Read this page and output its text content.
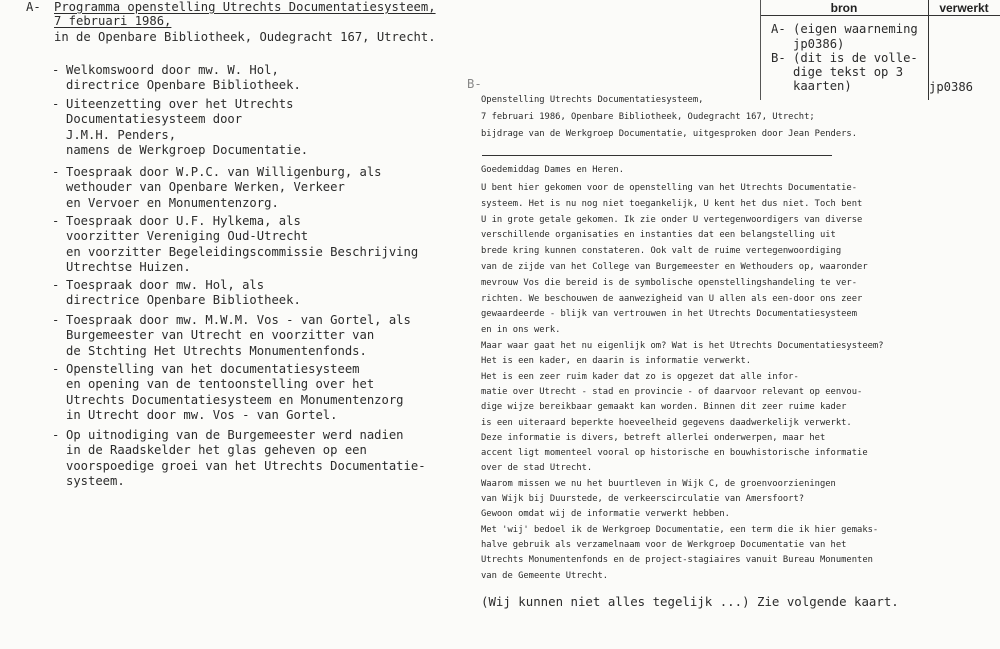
A- Programma openstelling Utrechts Documentatiesysteem,
7 februari 1986,
in de Openbare Bibliotheek, Oudegracht 167, Utrecht.
- Welkomswoord door mw. W. Hol,
directrice Openbare Bibliotheek.
- Uiteenzetting over het Utrechts
Documentatiesysteem door
J.M.H. Penders,
namens de Werkgroep Documentatie.
- Toespraak door W.P.C. van Willigenburg, als
wethouder van Openbare Werken, Verkeer
en Vervoer en Monumentenzorg.
- Toespraak door U.F. Hylkema, als
voorzitter Vereniging Oud-Utrecht
en voorzitter Begeleidingscommissie Beschrijving
Utrechtse Huizen.
- Toespraak door mw. Hol, als
directrice Openbare Bibliotheek.
- Toespraak door mw. M.W.M. Vos - van Gortel, als
Burgemeester van Utrecht en voorzitter van
de Stchting Het Utrechts Monumentenfonds.
- Openstelling van het documentatiesysteem
en opening van de tentoonstelling over het
Utrechts Documentatiesysteem en Monumentenzorg
in Utrecht door mw. Vos - van Gortel.
- Op uitnodiging van de Burgemeester werd nadien
in de Raadskelder het glas geheven op een
voorspoedige groei van het Utrechts Documentatie-
systeem.
bron	verwerkt
A- (eigen waarneming
jp0386)
B- (dit is de volle-
dige tekst op 3
kaarten)	jp0386
B-
Openstelling Utrechts Documentatiesysteem,
7 februari 1986, Openbare Bibliotheek, Oudegracht 167, Utrecht;
bijdrage van de Werkgroep Documentatie, uitgesproken door Jean Penders.
Goedemiddag Dames en Heren.
U bent hier gekomen voor de openstelling van het Utrechts Documentatie-
systeem. Het is nu nog niet toegankelijk, U kent het dus niet. Toch bent
U in grote getale gekomen. Ik zie onder U vertegenwoordigers van diverse
verschillende organisaties en instanties dat een belangstelling uit
brede kring kunnen constateren. Ook valt de ruime vertegenwoordiging
van de zijde van het College van Burgemeester en Wethouders op, waaronder
mevrouw Vos die bereid is de symbolische openstellingshandeling te ver-
richten. We beschouwen de aanwezigheid van U allen als een-door ons zeer
gewaardeerde - blijk van vertrouwen in het Utrechts Documentatiesysteem
en in ons werk.
Maar waar gaat het nu eigenlijk om? Wat is het Utrechts Documentatiesysteem?
Het is een kader, en daarin is informatie verwerkt.
Het is een zeer ruim kader dat zo is opgezet dat alle infor-
matie over Utrecht - stad en provincie - of daarvoor relevant op eenvou-
dige wijze bereikbaar gemaakt kan worden. Binnen dit zeer ruime kader
is een uiteraard beperkte hoeveelheid gegevens daadwerkelijk verwerkt.
Deze informatie is divers, betreft allerlei onderwerpen, maar het
accent ligt momenteel vooral op historische en bouwhistorische informatie
over de stad Utrecht.
Waarom missen we nu het buurtleven in Wijk C, de groenvoorzieningen
van Wijk bij Duurstede, de verkeerscirculatie van Amersfoort?
Gewoon omdat wij de informatie verwerkt hebben.
Met 'wij' bedoel ik de Werkgroep Documentatie, een term die ik hier gemaks-
halve gebruik als verzamelnaam voor de Werkgroep Documentatie van het
Utrechts Monumentenfonds en de project-stagiaires vanuit Bureau Monumenten
van de Gemeente Utrecht.
(Wij kunnen niet alles tegelijk ...) Zie volgende kaart.
